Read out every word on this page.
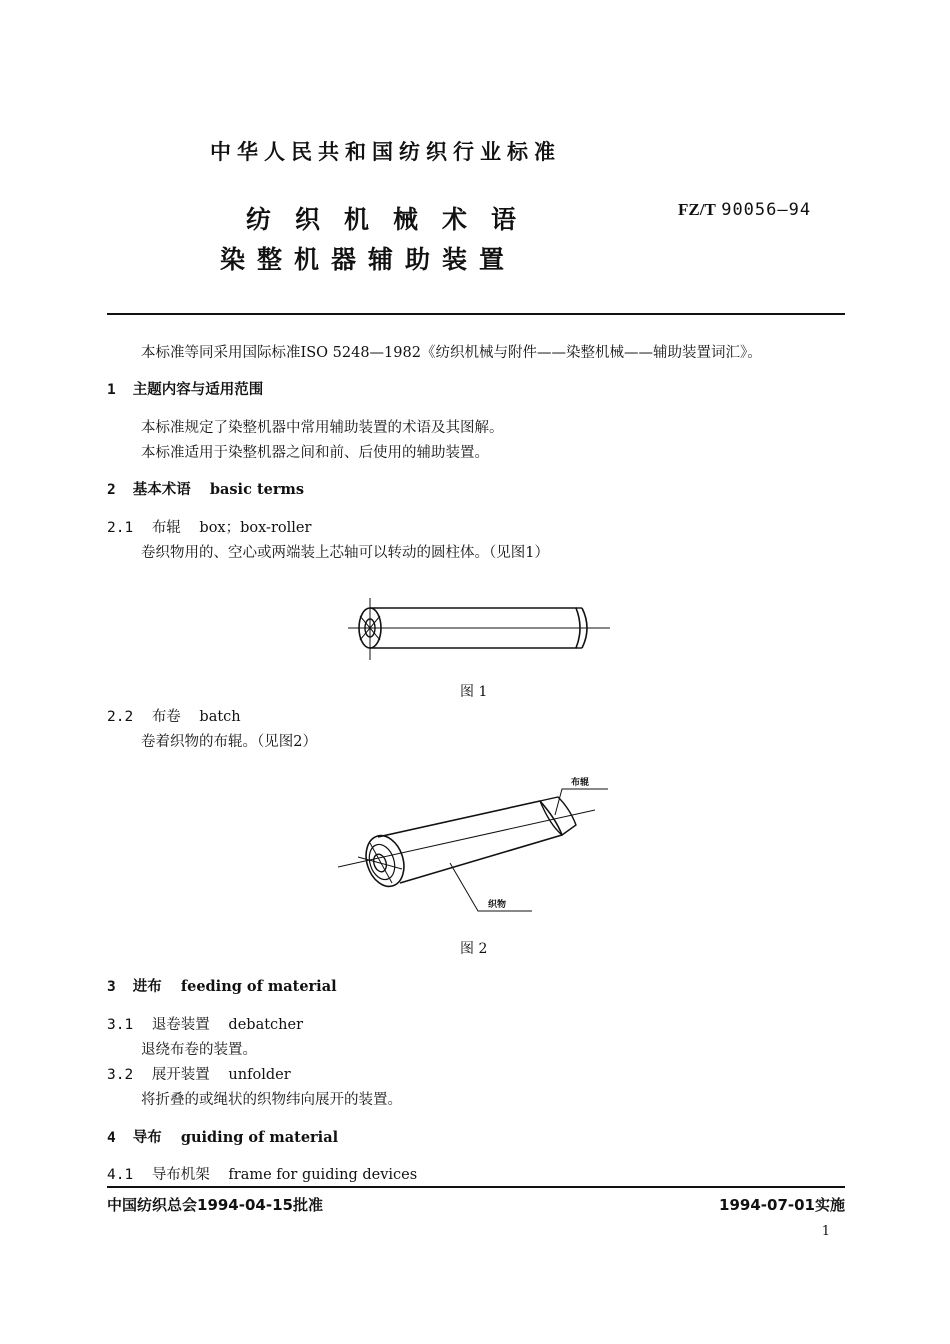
中华人民共和国纺织行业标准
纺织机械术语
染整机器辅助装置
FZ/T 90056—94
本标准等同采用国际标准ISO 5248—1982《纺织机械与附件——染整机械——辅助装置词汇》。
1 主题内容与适用范围
本标准规定了染整机器中常用辅助装置的术语及其图解。
本标准适用于染整机器之间和前、后使用的辅助装置。
2 基本术语 basic terms
2.1 布辊 box；box-roller
卷织物用的、空心或两端装上芯轴可以转动的圆柱体。（见图1）
图 1
2.2 布卷 batch
卷着织物的布辊。（见图2）
布辊
织物
图 2
3 进布 feeding of material
3.1 退卷装置 debatcher
退绕布卷的装置。
3.2 展开装置 unfolder
将折叠的或绳状的织物纬向展开的装置。
4 导布 guiding of material
4.1 导布机架 frame for guiding devices
中国纺织总会1994-04-15批准	1994-07-01实施
1
